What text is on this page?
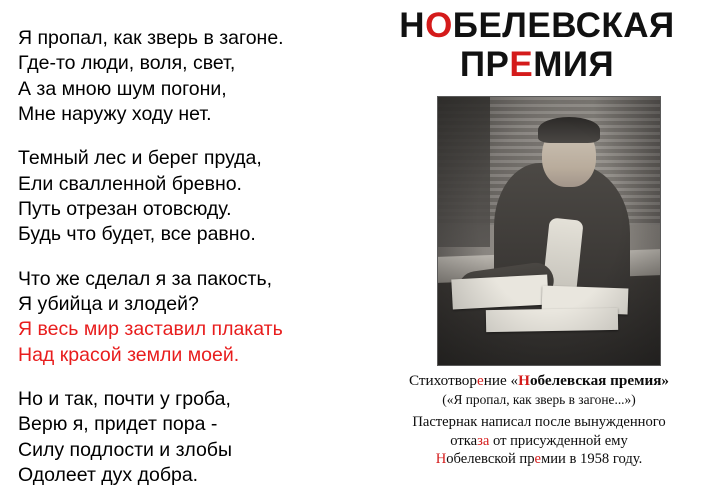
НОБЕЛЕВСКАЯ
ПРЕМИЯ
Я пропал, как зверь в загоне.
Где-то люди, воля, свет,
А за мною шум погони,
Мне наружу ходу нет.
Темный лес и берег пруда,
Ели свалленной бревно.
Путь отрезан отовсюду.
Будь что будет, все равно.
Что же сделал я за пакость,
Я убийца и злодей?
Я весь мир заставил плакать
Над красой земли моей.
Но и так, почти у гроба,
Верю я, придет пора -
Силу подлости и злобы
Одолеет дух добра.
Стихотворение «Нобелевская премия»
(«Я пропал, как зверь в загоне...»)
Пастернак написал после вынужденного
отказа от присужденной ему
Нобелевской премии в 1958 году.
